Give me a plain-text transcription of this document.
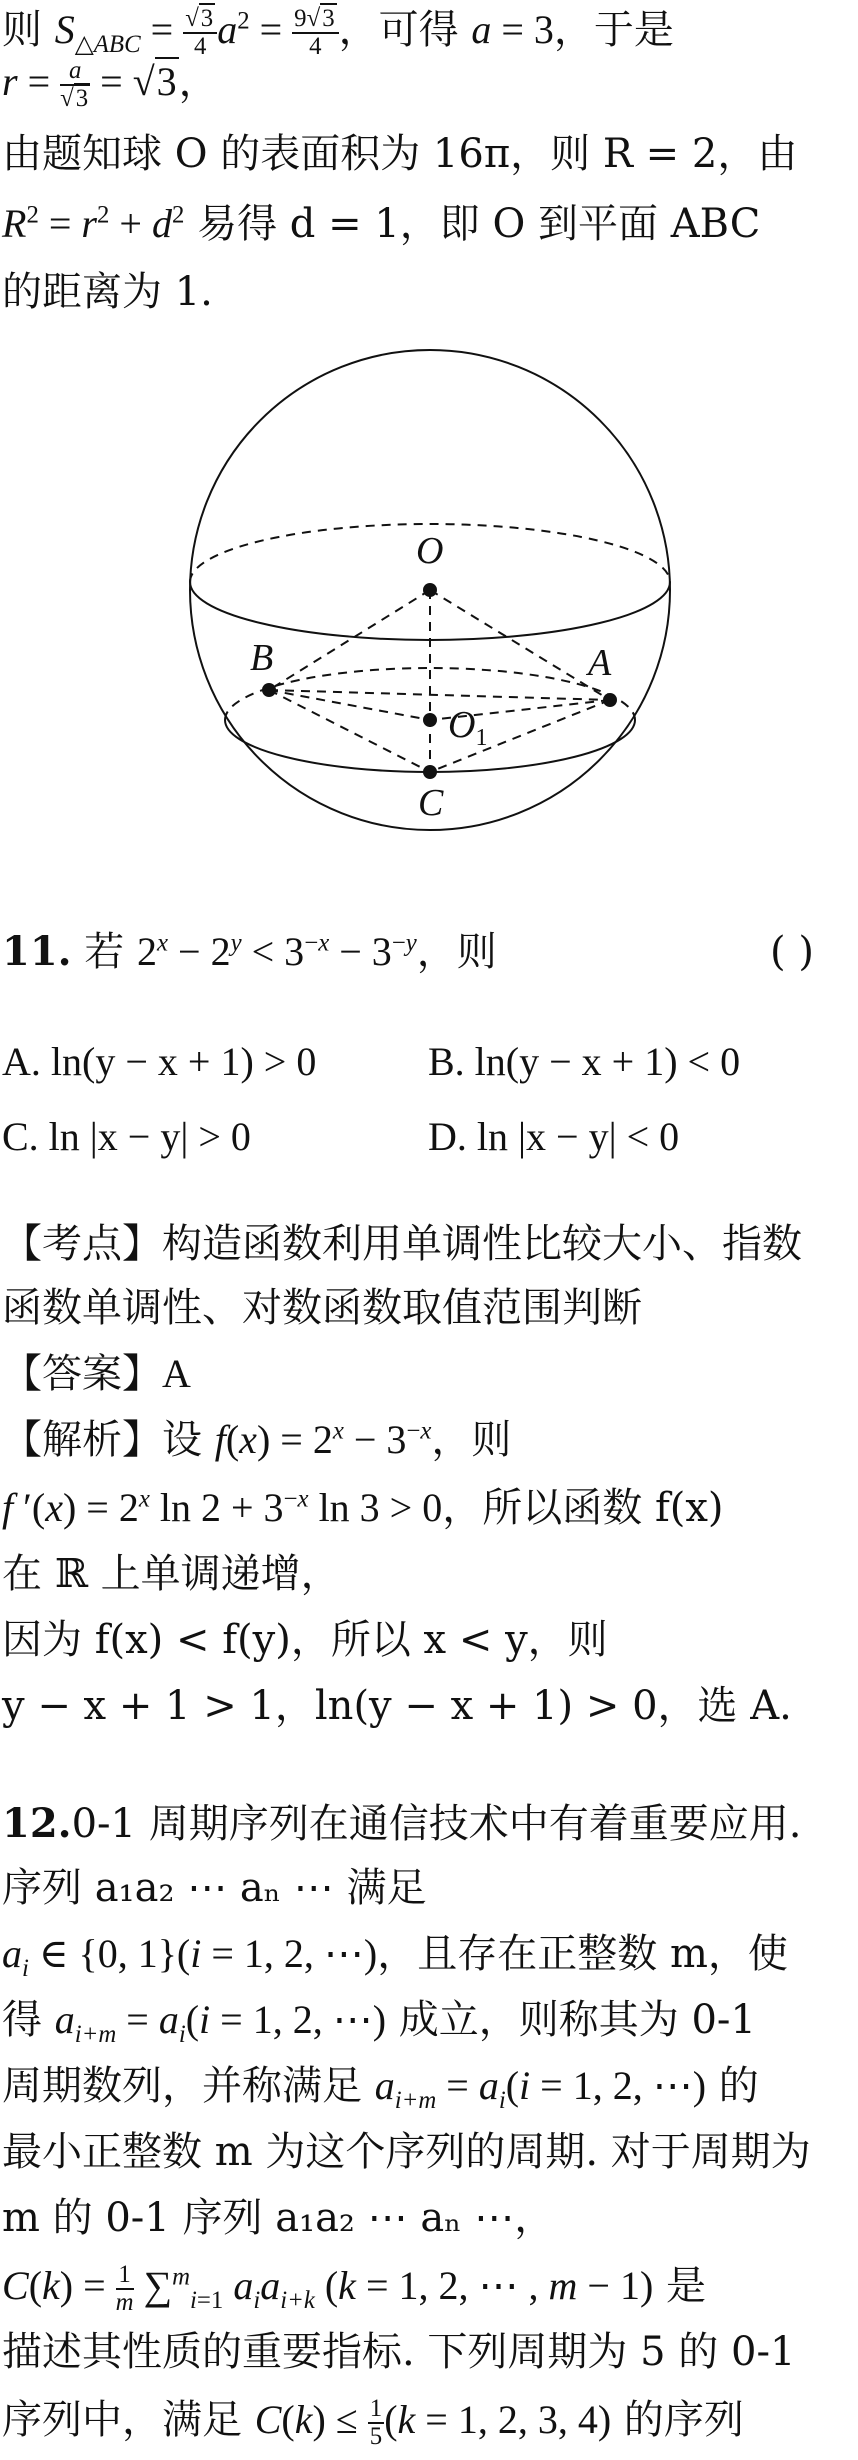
则 $S_{\triangle ABC} = \frac{√3}{4} a^2 = \frac{9√3}{4}$ ，可得 a = 3，于是
$r = \frac{a}{√3} = √3$，
由题知球 O 的表面积为 16π，则 R = 2，由
$R^2 = r^2 + d^2$ 易得 d = 1，即 O 到平面 ABC
的距离为 1.
O
B	A
$O_1$
C
11. 若 $2^x - 2^y < 3^{-x} - 3^{-y}$，则	( )
A. ln(y − x + 1) > 0	B. ln(y − x + 1) < 0
C. ln |x − y| > 0	D. ln |x − y| < 0
【考点】构造函数利用单调性比较大小、指数
函数单调性、对数函数取值范围判断
【答案】A
【解析】设 $f(x) = 2^x - 3^{-x}$，则
f $'(x) = 2^x$ $\ln 2 + 3^{-x}$ ln 3 > 0，所以函数 f(x)
在 ℝ 上单调递增，
因为 f(x) < f(y)，所以 x < y，则
y − x + 1 > 1，ln(y − x + 1) > 0，选 A.
12.0-1 周期序列在通信技术中有着重要应用.
序列 a₁a₂ ⋯ aₙ ⋯ 满足
$a_i$ ∈ {0, 1}(i = 1, 2, ⋯)，且存在正整数 m，使
得 $a_{i+m} = a_i(i = 1$, 2, ⋯) 成立，则称其为 0-1
周期数列，并称满足 $a_{i+m} = a_i(i = 1$, 2, ⋯) 的
最小正整数 m 为这个序列的周期. 对于周期为
m 的 0-1 序列 a₁a₂ ⋯ aₙ ⋯，
$C(k) = \frac{1}{m} \sum^m_{i=1}$ $a_ia_{i+k}$ (k = 1, 2, ⋯ , m − 1) 是
描述其性质的重要指标. 下列周期为 5 的 0-1
序列中，满足 $C(k) \le \frac{1}{5} (k = 1$, 2, 3, 4) 的序列
